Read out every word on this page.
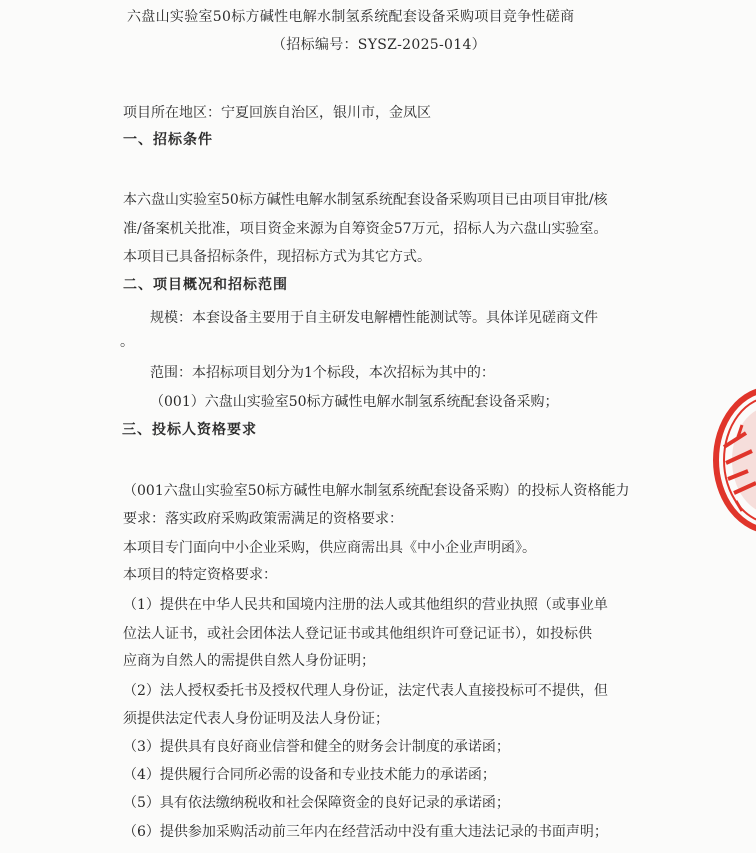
六盘山实验室50标方碱性电解水制氢系统配套设备采购项目竞争性磋商
（招标编号：SYSZ-2025-014）
项目所在地区：宁夏回族自治区，银川市，金凤区
一、招标条件
本六盘山实验室50标方碱性电解水制氢系统配套设备采购项目已由项目审批/核
准/备案机关批准，项目资金来源为自筹资金57万元，招标人为六盘山实验室。
本项目已具备招标条件，现招标方式为其它方式。
二、项目概况和招标范围
规模：本套设备主要用于自主研发电解槽性能测试等。具体详见磋商文件
。
范围：本招标项目划分为1个标段，本次招标为其中的：
（001）六盘山实验室50标方碱性电解水制氢系统配套设备采购；
三、投标人资格要求
（001六盘山实验室50标方碱性电解水制氢系统配套设备采购）的投标人资格能力
要求：落实政府采购政策需满足的资格要求：
本项目专门面向中小企业采购，供应商需出具《中小企业声明函》。
本项目的特定资格要求：
（1）提供在中华人民共和国境内注册的法人或其他组织的营业执照（或事业单
位法人证书，或社会团体法人登记证书或其他组织许可登记证书），如投标供
应商为自然人的需提供自然人身份证明；
（2）法人授权委托书及授权代理人身份证，法定代表人直接投标可不提供，但
须提供法定代表人身份证明及法人身份证；
（3）提供具有良好商业信誉和健全的财务会计制度的承诺函；
（4）提供履行合同所必需的设备和专业技术能力的承诺函；
（5）具有依法缴纳税收和社会保障资金的良好记录的承诺函；
（6）提供参加采购活动前三年内在经营活动中没有重大违法记录的书面声明；
